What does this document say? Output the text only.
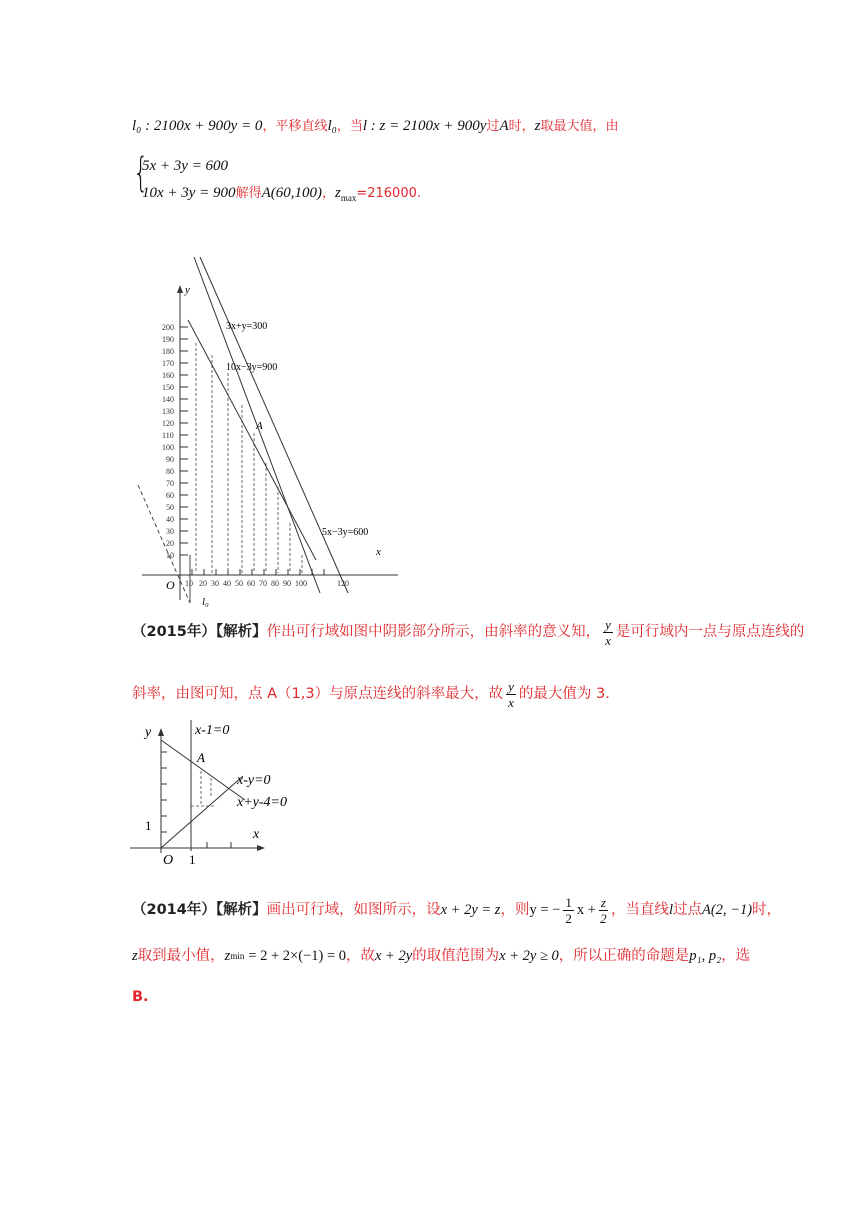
l₀ : 2100x + 900y = 0，平移直线l₀，当l : z = 2100x + 900y过A时，z取最大值，由
{
5x + 3y = 600
10x + 3y = 900解得A(60,100)，$z_{max}=216000$.
200
190
180
170
160
150
140
130
120
110
100
90
80
70
60
50
40
30
20
10
10 20 30 40 50 60 70 80 90 100	120
y
x
O
l₀
A
3x+y=300
10x−3y=900
5x−3y=600
（2015年）【解析】 作出可行域如图中阴影部分所示，由斜率的意义知， $\frac{y}{x}$ 是可行域内一点与原点连线的
斜率，由图可知，点 A（1,3）与原点连线的斜率最大，故 $\frac{y}{x}$ 的最大值为 3.
y
x
O 1
1
A
x-1=0
x-y=0
x+y-4=0
（2014年）【解析】 画出可行域，如图所示，设 x + 2y = z ，则 y = − $\frac{1}{2}$ $x + \frac{z}{2}$ ，当直线 l 过点 A(2, −1) 时，
z 取到最小值， z min = 2 + 2×(−1) = 0 ，故 x + 2y 的取值范围为 x + 2y ≥ 0 ，所以正确的命题是 p₁, p₂ ，选
B.
